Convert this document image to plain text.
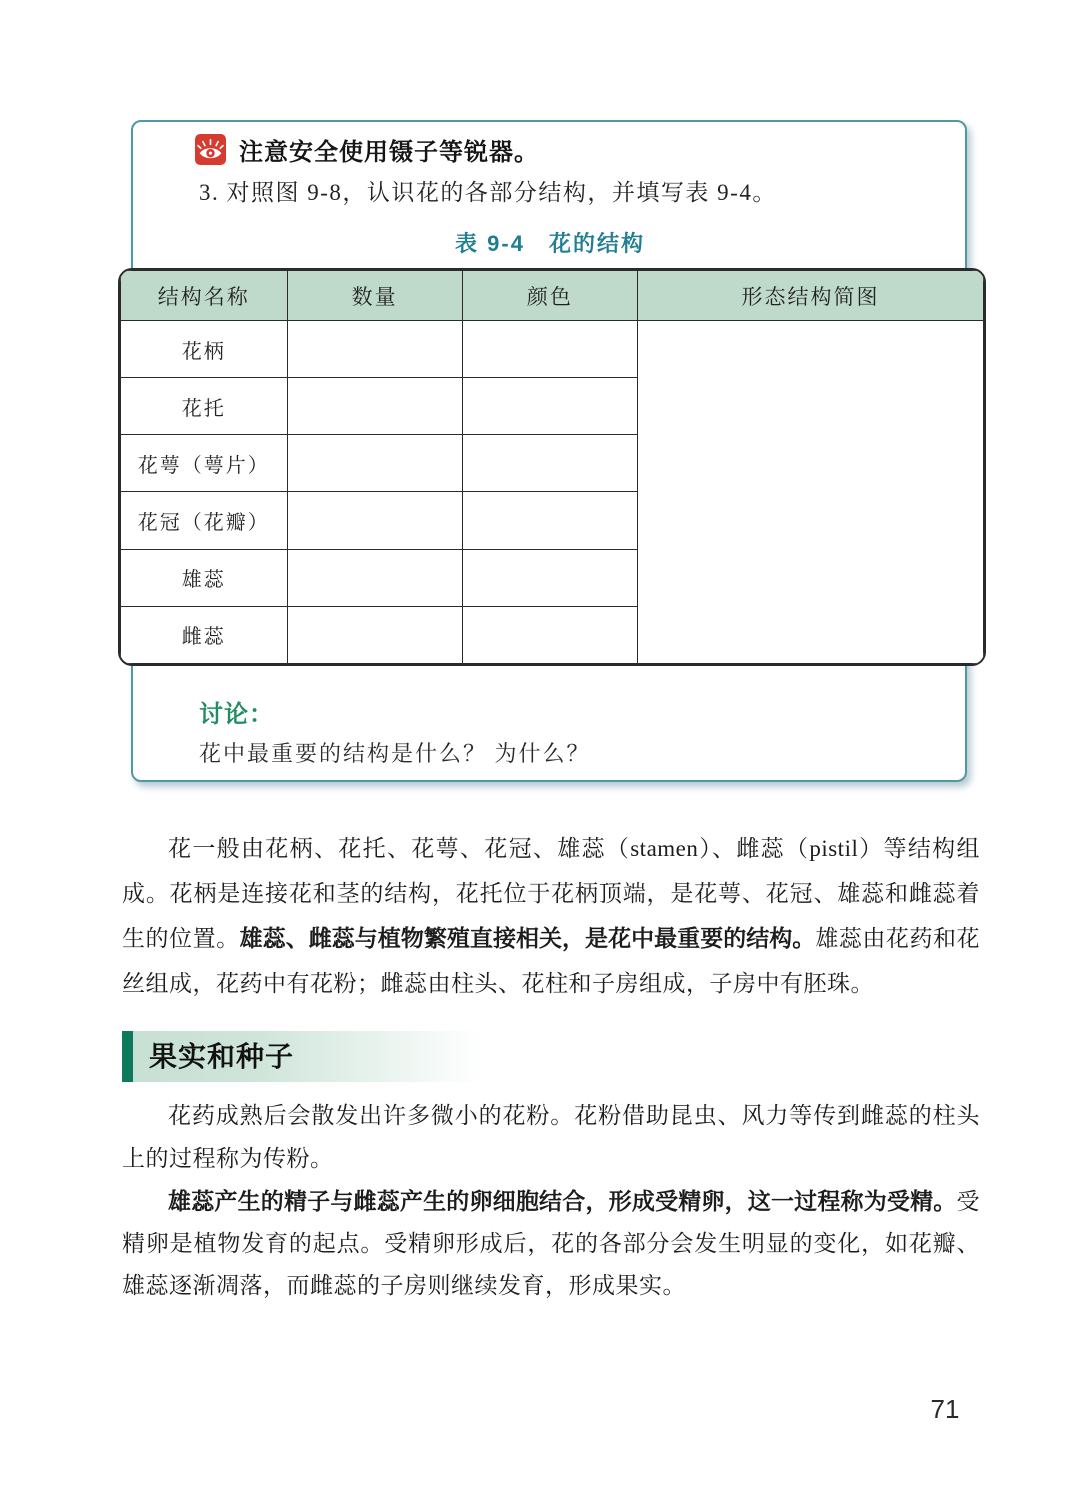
注意安全使用镊子等锐器。
3. 对照图 9-8，认识花的各部分结构，并填写表 9-4。
表 9-4　花的结构
结构名称	数量	颜色	形态结构简图
花柄			
花托			
花萼（萼片）			
花冠（花瓣）			
雄蕊			
雌蕊			
讨论：
花中最重要的结构是什么？ 为什么？

花一般由花柄、花托、花萼、花冠、雄蕊（stamen）、雌蕊（pistil）等结构组成。花柄是连接花和茎的结构，花托位于花柄顶端，是花萼、花冠、雄蕊和雌蕊着生的位置。雄蕊、雌蕊与植物繁殖直接相关，是花中最重要的结构。雄蕊由花药和花丝组成，花药中有花粉；雌蕊由柱头、花柱和子房组成，子房中有胚珠。

果实和种子

花药成熟后会散发出许多微小的花粉。花粉借助昆虫、风力等传到雌蕊的柱头上的过程称为传粉。

雄蕊产生的精子与雌蕊产生的卵细胞结合，形成受精卵，这一过程称为受精。受精卵是植物发育的起点。受精卵形成后，花的各部分会发生明显的变化，如花瓣、雄蕊逐渐凋落，而雌蕊的子房则继续发育，形成果实。

71
